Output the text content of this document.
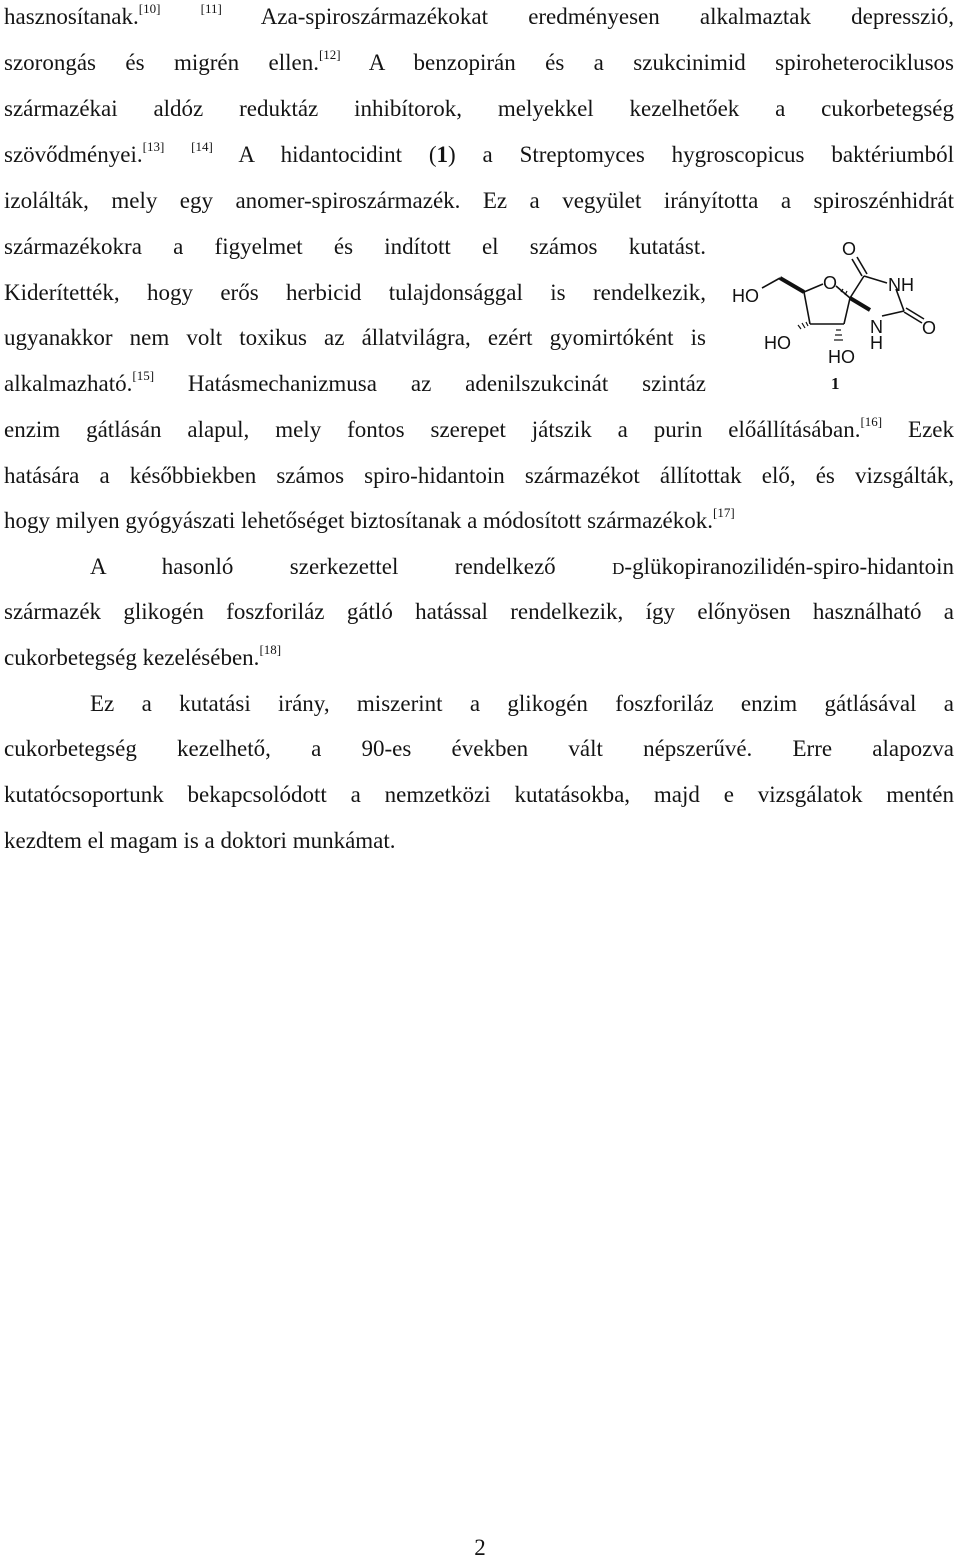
hasznosítanak.[10]	[11] Aza-spiroszármazékokat eredményesen alkalmaztak depresszió,

szorongás és migrén ellen.[12] A benzopirán és a szukcinimid spiroheterociklusos

származékai aldóz reduktáz inhibítorok, melyekkel kezelhetőek a cukorbetegség

szövődményei.[13] [14] A hidantocidint (1) a Streptomyces hygroscopicus baktériumból

izolálták, mely egy anomer-spiroszármazék. Ez a vegyület irányította a spiroszénhidrát

származékokra a figyelmet és indított el számos kutatást.

Kiderítették, hogy erős herbicid tulajdonsággal is rendelkezik,

ugyanakkor nem volt toxikus az állatvilágra, ezért gyomirtóként is

alkalmazható.[15] Hatásmechanizmusa az adenilszukcinát szintáz

enzim gátlásán alapul, mely fontos szerepet játszik a purin előállításában.[16] Ezek

hatására a későbbiekben számos spiro-hidantoin származékot állítottak elő, és vizsgálták,

hogy milyen gyógyászati lehetőséget biztosítanak a módosított származékok.[17]

A hasonló szerkezettel rendelkező D-glükopiranozilidén-spiro-hidantoin

származék glikogén foszforiláz gátló hatással rendelkezik, így előnyösen használható a

cukorbetegség kezelésében.[18]

Ez a kutatási irány, miszerint a glikogén foszforiláz enzim gátlásával a

cukorbetegség kezelhető, a 90-es években vált népszerűvé. Erre alapozva

kutatócsoportunk bekapcsolódott a nemzetközi kutatásokba, majd e vizsgálatok mentén

kezdtem el magam is a doktori munkámat.

O
NH
O
HO
N O
HO	H
HO
1

2
